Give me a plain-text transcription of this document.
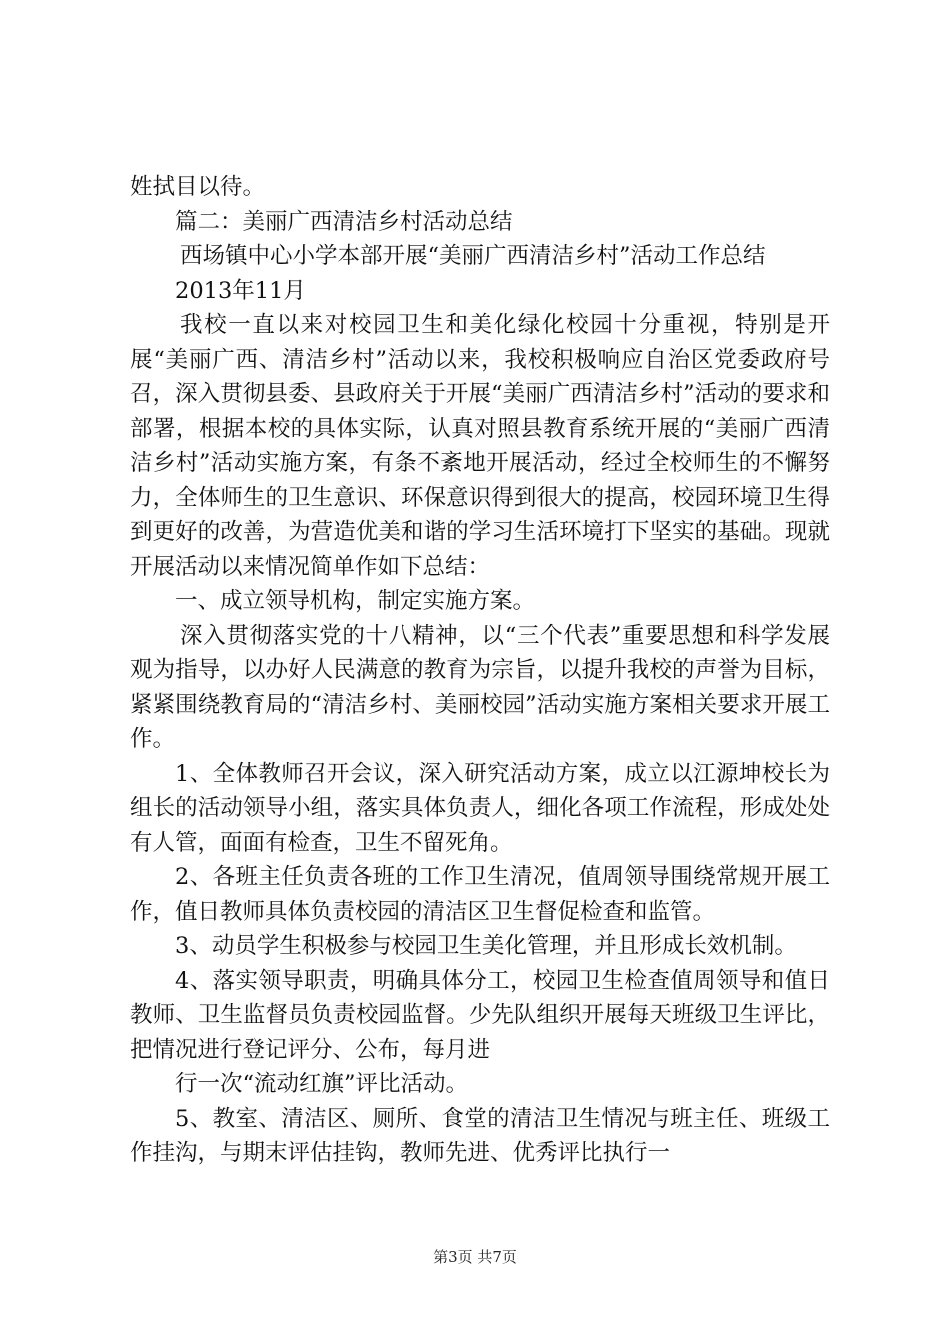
姓拭目以待。

篇二：美丽广西清洁乡村活动总结

西场镇中心小学本部开展“美丽广西清洁乡村”活动工作总结

2013年11月

我校一直以来对校园卫生和美化绿化校园十分重视，特别是开展“美丽广西、清洁乡村”活动以来，我校积极响应自治区党委政府号召，深入贯彻县委、县政府关于开展“美丽广西清洁乡村”活动的要求和部署，根据本校的具体实际，认真对照县教育系统开展的“美丽广西清洁乡村”活动实施方案，有条不紊地开展活动，经过全校师生的不懈努力，全体师生的卫生意识、环保意识得到很大的提高，校园环境卫生得到更好的改善，为营造优美和谐的学习生活环境打下坚实的基础。现就开展活动以来情况简单作如下总结：

一、成立领导机构，制定实施方案。

深入贯彻落实党的十八精神，以“三个代表”重要思想和科学发展观为指导，以办好人民满意的教育为宗旨，以提升我校的声誉为目标，紧紧围绕教育局的“清洁乡村、美丽校园”活动实施方案相关要求开展工作。

1、全体教师召开会议，深入研究活动方案，成立以江源坤校长为组长的活动领导小组，落实具体负责人，细化各项工作流程，形成处处有人管，面面有检查，卫生不留死角。

2、各班主任负责各班的工作卫生清况，值周领导围绕常规开展工作，值日教师具体负责校园的清洁区卫生督促检查和监管。

3、动员学生积极参与校园卫生美化管理，并且形成长效机制。

4、落实领导职责，明确具体分工，校园卫生检查值周领导和值日教师、卫生监督员负责校园监督。少先队组织开展每天班级卫生评比，把情况进行登记评分、公布，每月进

行一次“流动红旗”评比活动。

5、教室、清洁区、厕所、食堂的清洁卫生情况与班主任、班级工作挂沟，与期末评估挂钩，教师先进、优秀评比执行一

第3页 共7页
